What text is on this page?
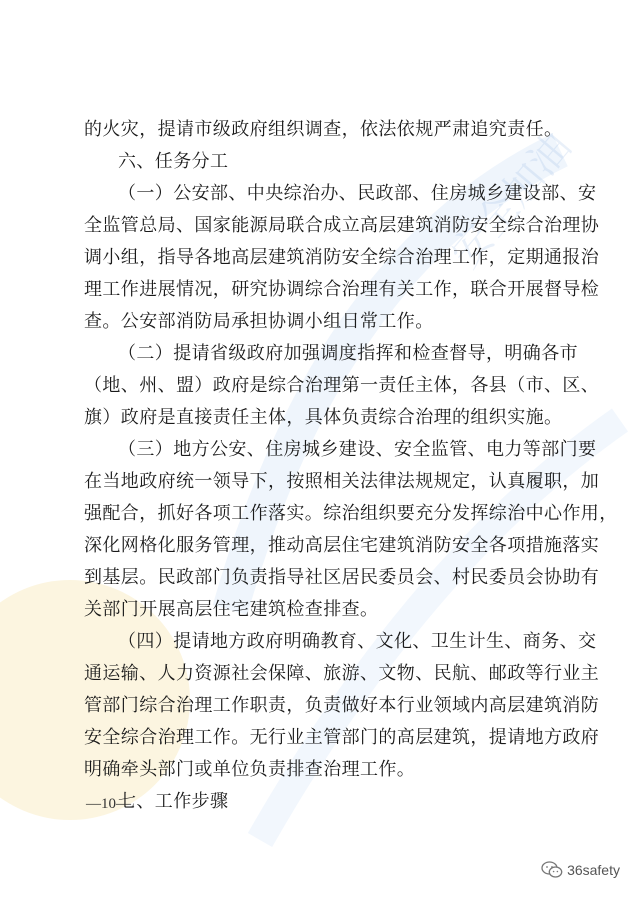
安全加油
的火灾，提请市级政府组织调查，依法依规严肃追究责任。
六、任务分工
（一）公安部、中央综治办、民政部、住房城乡建设部、安
全监管总局、国家能源局联合成立高层建筑消防安全综合治理协
调小组，指导各地高层建筑消防安全综合治理工作，定期通报治
理工作进展情况，研究协调综合治理有关工作，联合开展督导检
查。公安部消防局承担协调小组日常工作。
（二）提请省级政府加强调度指挥和检查督导，明确各市
（地、州、盟）政府是综合治理第一责任主体，各县（市、区、
旗）政府是直接责任主体，具体负责综合治理的组织实施。
（三）地方公安、住房城乡建设、安全监管、电力等部门要
在当地政府统一领导下，按照相关法律法规规定，认真履职，加
强配合，抓好各项工作落实。综治组织要充分发挥综治中心作用，
深化网格化服务管理，推动高层住宅建筑消防安全各项措施落实
到基层。民政部门负责指导社区居民委员会、村民委员会协助有
关部门开展高层住宅建筑检查排查。
（四）提请地方政府明确教育、文化、卫生计生、商务、交
通运输、人力资源社会保障、旅游、文物、民航、邮政等行业主
管部门综合治理工作职责，负责做好本行业领域内高层建筑消防
安全综合治理工作。无行业主管部门的高层建筑，提请地方政府
明确牵头部门或单位负责排查治理工作。
七、工作步骤
—10—
36safety
